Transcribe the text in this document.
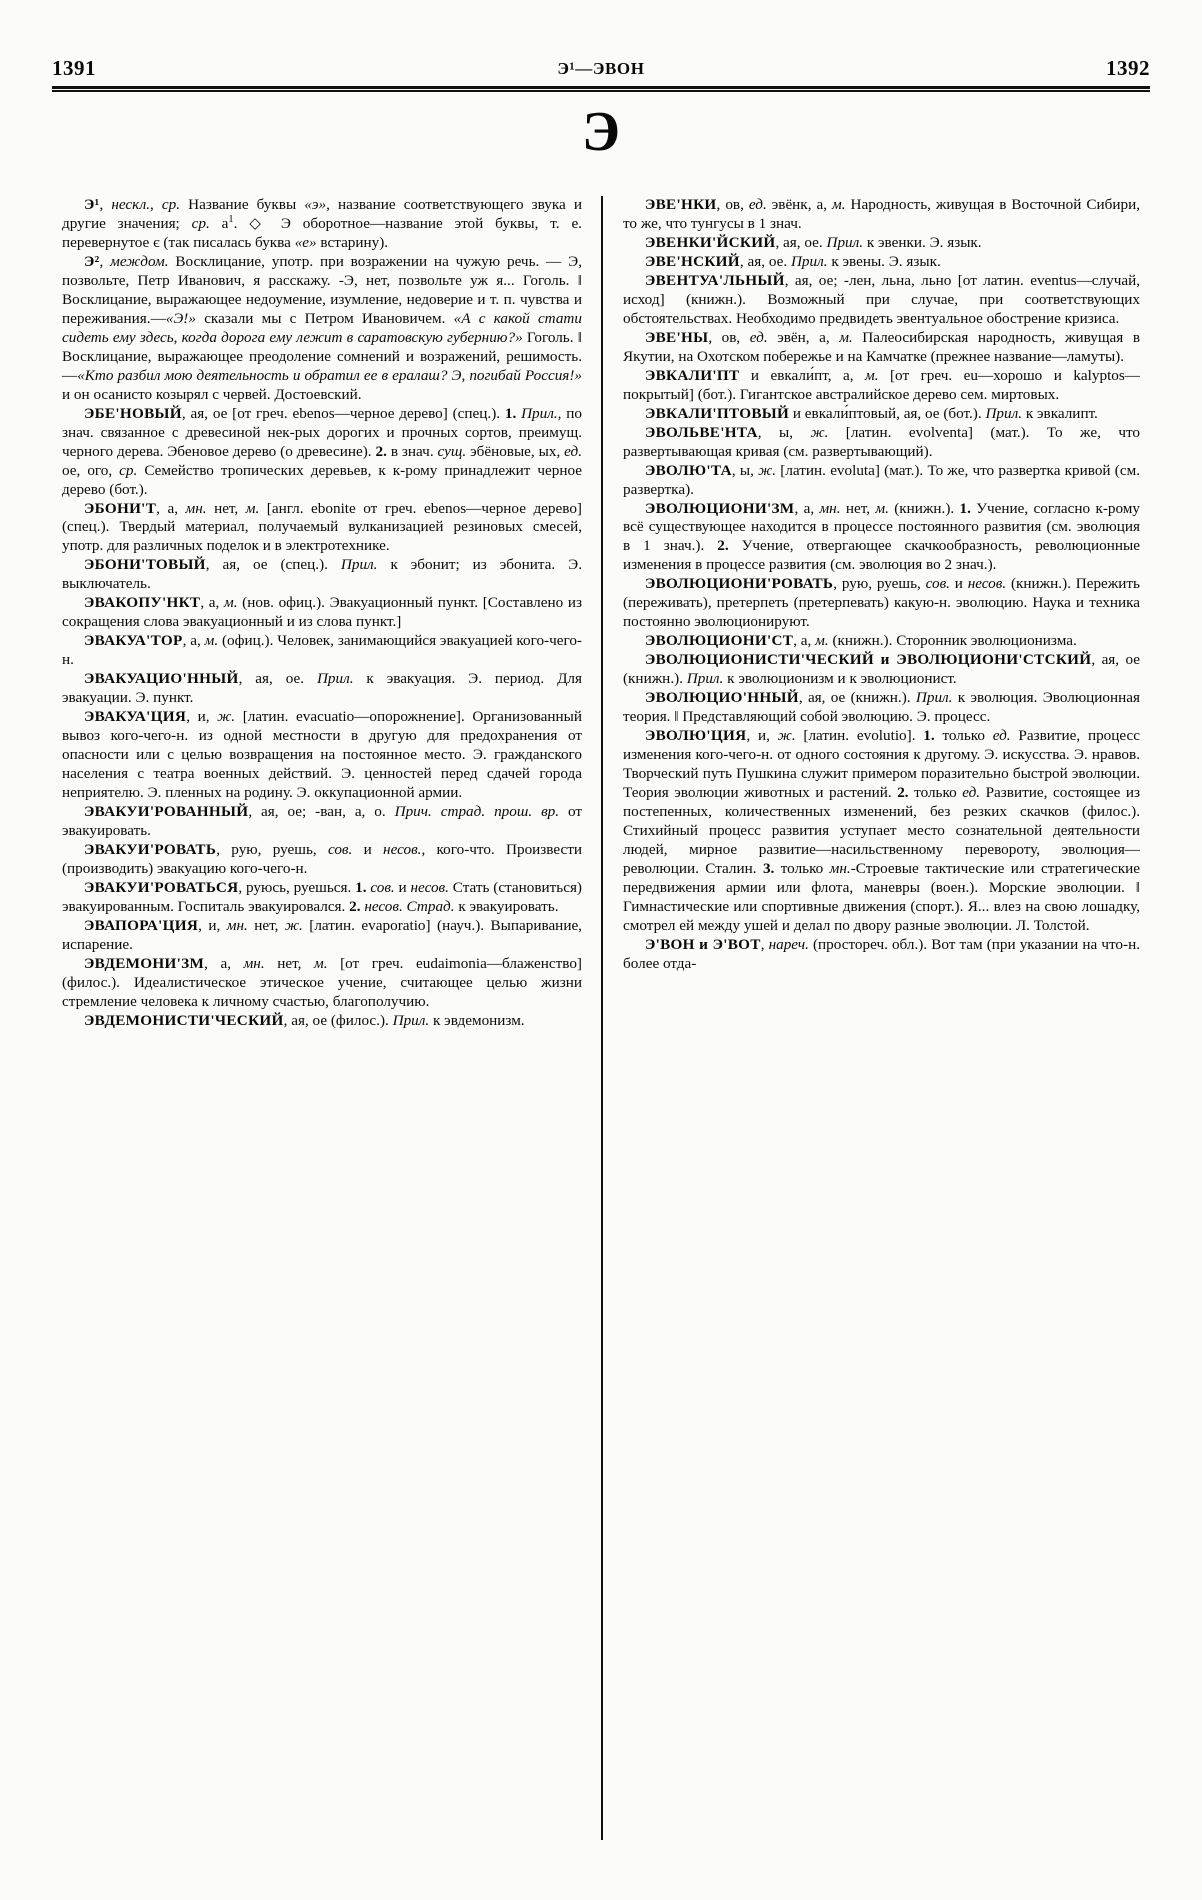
1391	Э¹—ЭВОН	1392
Э

Э¹, нескл., ср. Название буквы «э», название соответствующего звука и другие значения; ср. $а^1$. ◇ Э оборотное—название этой буквы, т. е. перевернутое є (так писалась буква «е» встарину).

Э², междом. Восклицание, употр. при возражении на чужую речь. — Э, позвольте, Петр Иванович, я расскажу. -Э, нет, позвольте уж я... Гоголь. ‖ Восклицание, выражающее недоумение, изумление, недоверие и т. п. чувства и переживания.—«Э!» сказали мы с Петром Ивановичем. «А с какой стати сидеть ему здесь, когда дорога ему лежит в саратовскую губернию?» Гоголь. ‖ Восклицание, выражающее преодоление сомнений и возражений, решимость.—«Кто разбил мою деятельность и обратил ее в ералаш? Э, погибай Россия!» и он осанисто козырял с червей. Достоевский.

ЭБЕ'НОВЫЙ, ая, ое [от греч. ebenos—черное дерево] (спец.). 1. Прил., по знач. связанное с древесиной нек-рых дорогих и прочных сортов, преимущ. черного дерева. Эбеновое дерево (о древесине). 2. в знач. сущ. эбёновые, ых, ед. ое, ого, ср. Семейство тропических деревьев, к к-рому принадлежит черное дерево (бот.).

ЭБОНИ'Т, а, мн. нет, м. [англ. ebonite от греч. ebenos—черное дерево] (спец.). Твердый материал, получаемый вулканизацией резиновых смесей, употр. для различных поделок и в электротехнике.

ЭБОНИ'ТОВЫЙ, ая, ое (спец.). Прил. к эбонит; из эбонита. Э. выключатель.

ЭВАКОПУ'НКТ, а, м. (нов. офиц.). Эвакуационный пункт. [Составлено из сокращения слова эвакуационный и из слова пункт.]

ЭВАКУА'ТОР, а, м. (офиц.). Человек, занимающийся эвакуацией кого-чего-н.

ЭВАКУАЦИО'ННЫЙ, ая, ое. Прил. к эвакуация. Э. период. Для эвакуации. Э. пункт.

ЭВАКУА'ЦИЯ, и, ж. [латин. evacuatio—опорожнение]. Организованный вывоз кого-чего-н. из одной местности в другую для предохранения от опасности или с целью возвращения на постоянное место. Э. гражданского населения с театра военных действий. Э. ценностей перед сдачей города неприятелю. Э. пленных на родину. Э. оккупационной армии.

ЭВАКУИ'РОВАННЫЙ, ая, ое; -ван, а, о. Прич. страд. прош. вр. от эвакуировать.

ЭВАКУИ'РОВАТЬ, рую, руешь, сов. и несов., кого-что. Произвести (производить) эвакуацию кого-чего-н.

ЭВАКУИ'РОВАТЬСЯ, руюсь, руешься. 1. сов. и несов. Стать (становиться) эвакуированным. Госпиталь эвакуировался. 2. несов. Страд. к эвакуировать.

ЭВАПОРА'ЦИЯ, и, мн. нет, ж. [латин. evaporatio] (науч.). Выпаривание, испарение.

ЭВДЕМОНИ'ЗМ, а, мн. нет, м. [от греч. eudaimonia—блаженство] (филос.). Идеалистическое этическое учение, считающее целью жизни стремление человека к личному счастью, благополучию.

ЭВДЕМОНИСТИ'ЧЕСКИЙ, ая, ое (филос.). Прил. к эвдемонизм.

ЭВЕ'НКИ, ов, ед. эвёнк, а, м. Народность, живущая в Восточной Сибири, то же, что тунгусы в 1 знач.

ЭВЕНКИ'ЙСКИЙ, ая, ое. Прил. к эвенки. Э. язык.

ЭВЕ'НСКИЙ, ая, ое. Прил. к эвены. Э. язык.

ЭВЕНТУА'ЛЬНЫЙ, ая, ое; -лен, льна, льно [от латин. eventus—случай, исход] (книжн.). Возможный при случае, при соответствующих обстоятельствах. Необходимо предвидеть эвентуальное обострение кризиса.

ЭВЕ'НЫ, ов, ед. эвён, а, м. Палеосибирская народность, живущая в Якутии, на Охотском побережье и на Камчатке (прежнее название—ламуты).

ЭВКАЛИ'ПТ и евкали́пт, а, м. [от греч. eu—хорошо и kalyptos—покрытый] (бот.). Гигантское австралийское дерево сем. миртовых.

ЭВКАЛИ'ПТОВЫЙ и евкали́птовый, ая, ое (бот.). Прил. к эвкалипт.

ЭВОЛЬВЕ'НТА, ы, ж. [латин. evolventa] (мат.). То же, что развертывающая кривая (см. развертывающий).

ЭВОЛЮ'ТА, ы, ж. [латин. evoluta] (мат.). То же, что развертка кривой (см. развертка).

ЭВОЛЮЦИОНИ'ЗМ, а, мн. нет, м. (книжн.). 1. Учение, согласно к-рому всё существующее находится в процессе постоянного развития (см. эволюция в 1 знач.). 2. Учение, отвергающее скачкообразность, революционные изменения в процессе развития (см. эволюция во 2 знач.).

ЭВОЛЮЦИОНИ'РОВАТЬ, рую, руешь, сов. и несов. (книжн.). Пережить (переживать), претерпеть (претерпевать) какую-н. эволюцию. Наука и техника постоянно эволюционируют.

ЭВОЛЮЦИОНИ'СТ, а, м. (книжн.). Сторонник эволюционизма.

ЭВОЛЮЦИОНИСТИ'ЧЕСКИЙ и ЭВОЛЮЦИОНИ'СТСКИЙ, ая, ое (книжн.). Прил. к эволюционизм и к эволюционист.

ЭВОЛЮЦИО'ННЫЙ, ая, ое (книжн.). Прил. к эволюция. Эволюционная теория. ‖ Представляющий собой эволюцию. Э. процесс.

ЭВОЛЮ'ЦИЯ, и, ж. [латин. evolutio]. 1. только ед. Развитие, процесс изменения кого-чего-н. от одного состояния к другому. Э. искусства. Э. нравов. Творческий путь Пушкина служит примером поразительно быстрой эволюции. Теория эволюции животных и растений. 2. только ед. Развитие, состоящее из постепенных, количественных изменений, без резких скачков (филос.). Стихийный процесс развития уступает место сознательной деятельности людей, мирное развитие—насильственному перевороту, эволюция—революции. Сталин. 3. только мн.-Строевые тактические или стратегические передвижения армии или флота, маневры (воен.). Морские эволюции. ‖ Гимнастические или спортивные движения (спорт.). Я... влез на свою лошадку, смотрел ей между ушей и делал по двору разные эволюции. Л. Толстой.

Э'ВОН и Э'ВОТ, нареч. (простореч. обл.). Вот там (при указании на что-н. более отда-
